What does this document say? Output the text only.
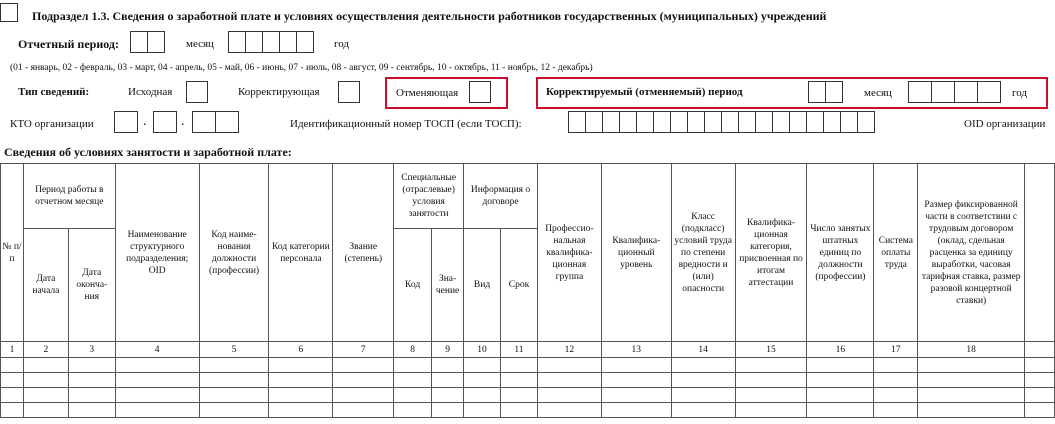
Подраздел 1.3. Сведения о заработной плате и условиях осуществления деятельности работников государственных (муниципальных) учреждений
Отчетный период:	месяц	год
(01 - январь, 02 - февраль, 03 - март, 04 - апрель, 05 - май, 06 - июнь, 07 - июль, 08 - август, 09 - сентябрь, 10 - октябрь, 11 - ноябрь, 12 - декабрь)
Тип сведений:	Исходная	Корректирующая	Отменяющая	Корректируемый (отменяемый) период	месяц	год
КТО организации	. .	Идентификационный номер ТОСП (если ТОСП):	OID организации
Сведения об условиях занятости и заработной плате:
№ п/п	Период работы в отчетном месяце		Наименование структурного подразделения; OID	Код наиме-нования должности (профессии)	Код категории персонала	Звание (степень)	Специальные (отраслевые) условия занятости		Информация о договоре		Профессио-нальная квалифика-ционная группа	Квалифика-ционный уровень	Класс (подкласс) условий труда по степени вредности и (или) опасности	Квалифика-ционная категория, присвоенная по итогам аттестации	Число занятых штатных единиц по должности (профессии)	Система оплаты труда	Размер фиксированной части в соответствии с трудовым договором (оклад, сдельная расценка за единицу выработки, часовая тарифная ставка, размер разовой концертной ставки)	
	Дата начала	Дата оконча-ния					Код	Зна-чение	Вид	Срок								
1	2	3	4	5	6	7	8	9	10	11	12	13	14	15	16	17	18	
